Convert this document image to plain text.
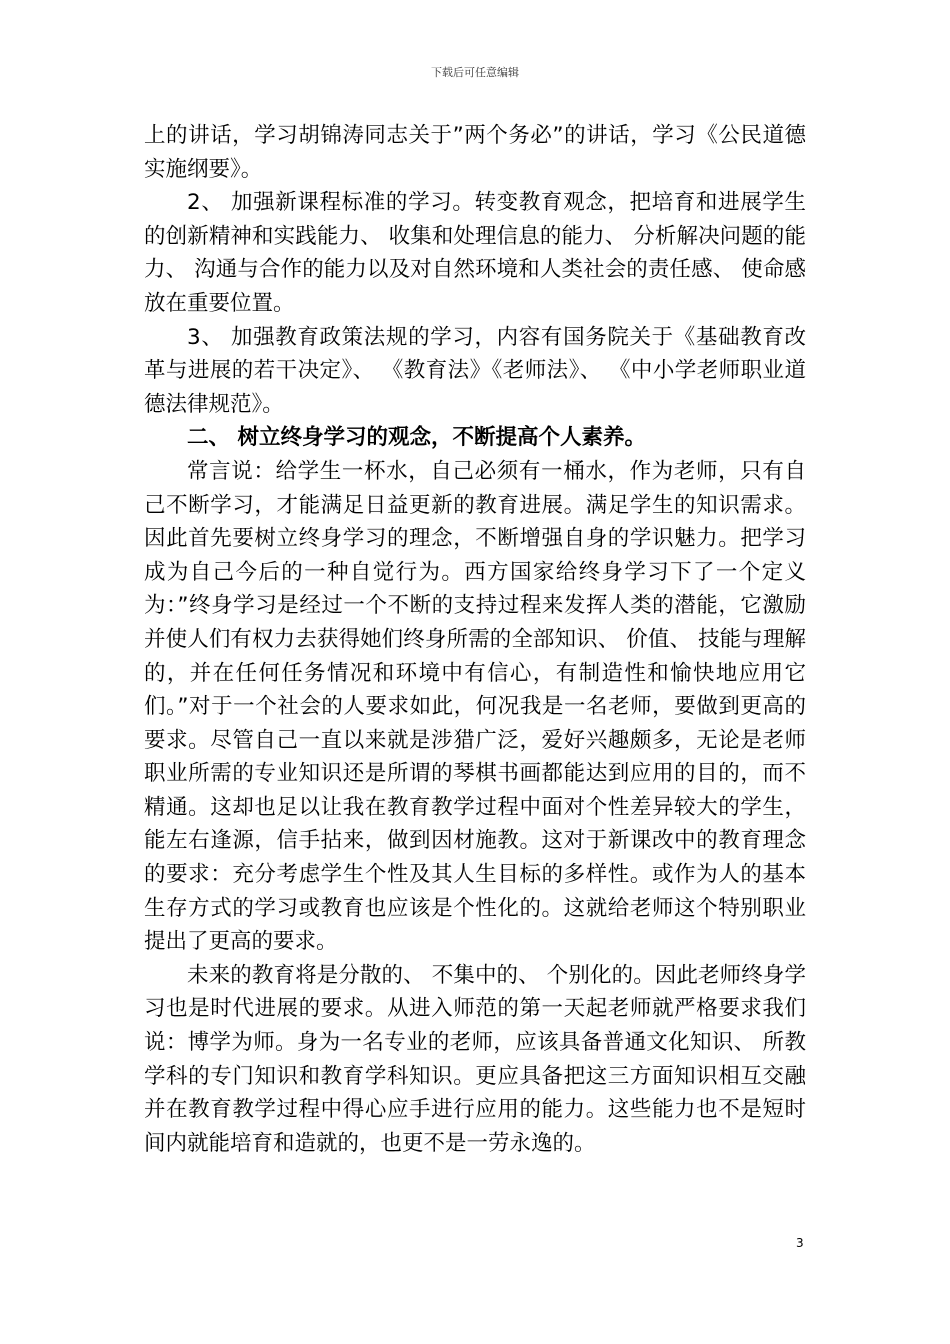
下载后可任意编辑

上的讲话，学习胡锦涛同志关于”两个务必”的讲话，学习《公民道德实施纲要》。

2、 加强新课程标准的学习。转变教育观念，把培育和进展学生的创新精神和实践能力、 收集和处理信息的能力、 分析解决问题的能力、 沟通与合作的能力以及对自然环境和人类社会的责任感、 使命感放在重要位置。

3、 加强教育政策法规的学习，内容有国务院关于《基础教育改革与进展的若干决定》、 《教育法》《老师法》、 《中小学老师职业道德法律规范》。

二、 树立终身学习的观念，不断提高个人素养。

常言说：给学生一杯水，自己必须有一桶水，作为老师，只有自己不断学习，才能满足日益更新的教育进展。满足学生的知识需求。因此首先要树立终身学习的理念，不断增强自身的学识魅力。把学习成为自己今后的一种自觉行为。西方国家给终身学习下了一个定义为：”终身学习是经过一个不断的支持过程来发挥人类的潜能，它激励并使人们有权力去获得她们终身所需的全部知识、 价值、 技能与理解的，并在任何任务情况和环境中有信心，有制造性和愉快地应用它们。”对于一个社会的人要求如此，何况我是一名老师，要做到更高的要求。尽管自己一直以来就是涉猎广泛，爱好兴趣颇多，无论是老师职业所需的专业知识还是所谓的琴棋书画都能达到应用的目的，而不精通。这却也足以让我在教育教学过程中面对个性差异较大的学生，能左右逢源，信手拈来，做到因材施教。这对于新课改中的教育理念的要求：充分考虑学生个性及其人生目标的多样性。或作为人的基本生存方式的学习或教育也应该是个性化的。这就给老师这个特别职业提出了更高的要求。

未来的教育将是分散的、 不集中的、 个别化的。因此老师终身学习也是时代进展的要求。从进入师范的第一天起老师就严格要求我们说：博学为师。身为一名专业的老师，应该具备普通文化知识、 所教学科的专门知识和教育学科知识。更应具备把这三方面知识相互交融并在教育教学过程中得心应手进行应用的能力。这些能力也不是短时间内就能培育和造就的，也更不是一劳永逸的。

3
